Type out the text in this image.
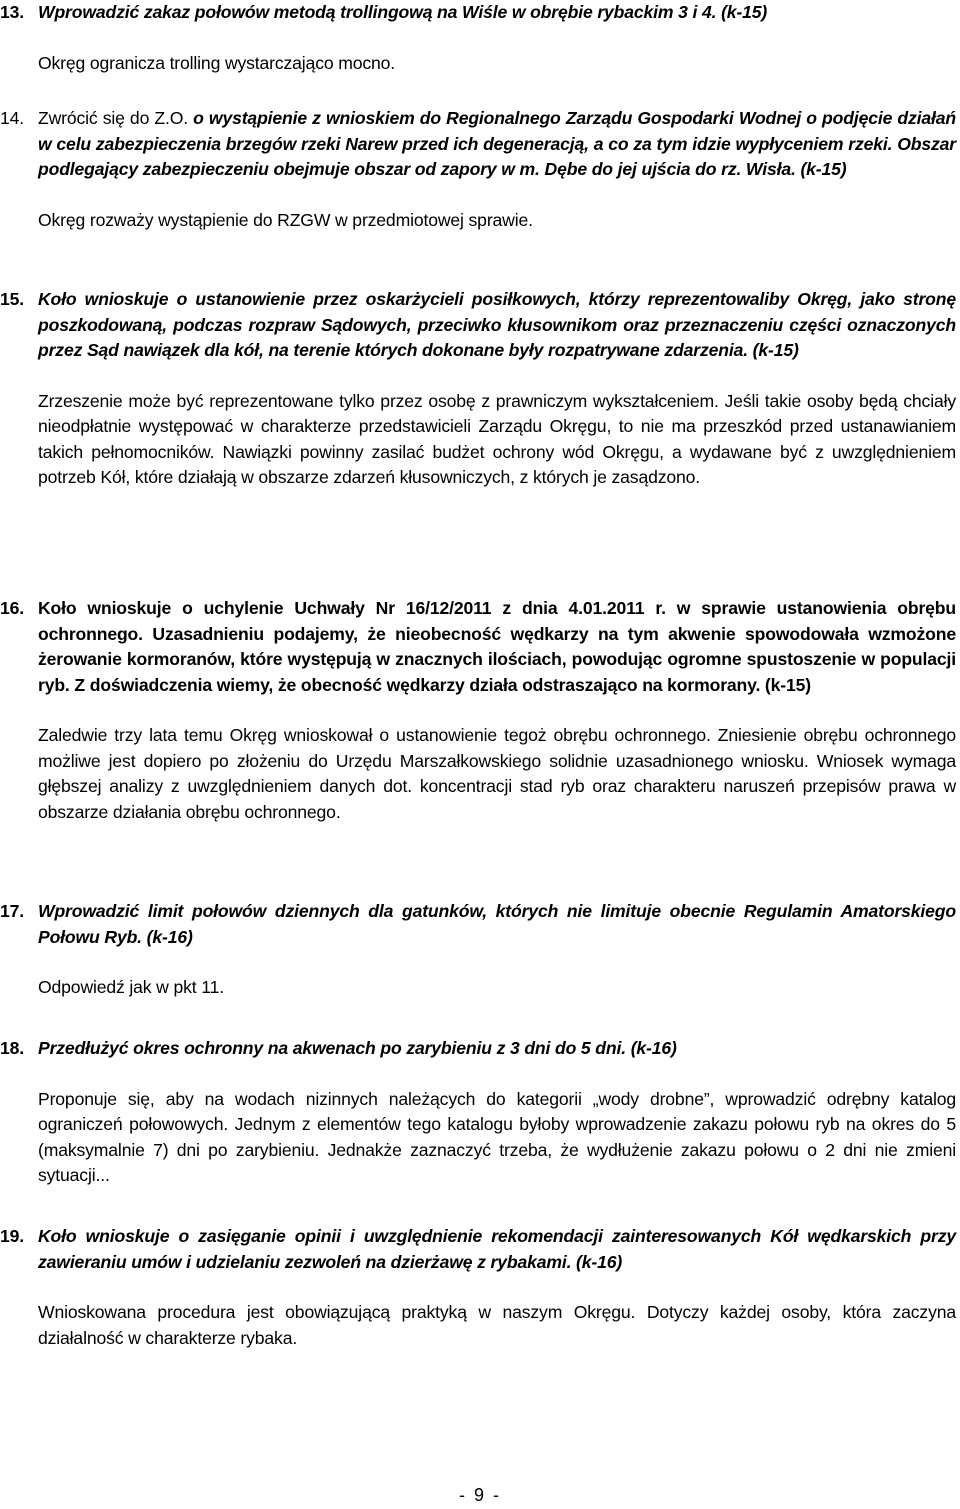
13. Wprowadzić zakaz połowów metodą trollingową na Wiśle w obrębie rybackim 3 i 4. (k-15)
Okręg ogranicza trolling wystarczająco mocno.
14. Zwrócić się do Z.O. o wystąpienie z wnioskiem do Regionalnego Zarządu Gospodarki Wodnej o podjęcie działań w celu zabezpieczenia brzegów rzeki Narew przed ich degeneracją, a co za tym idzie wypłyceniem rzeki. Obszar podlegający zabezpieczeniu obejmuje obszar od zapory w m. Dębe do jej ujścia do rz. Wisła. (k-15)
Okręg rozważy wystąpienie do RZGW w przedmiotowej sprawie.
15. Koło wnioskuje o ustanowienie przez oskarżycieli posiłkowych, którzy reprezentowaliby Okręg, jako stronę poszkodowaną, podczas rozpraw Sądowych, przeciwko kłusownikom oraz przeznaczeniu części oznaczonych przez Sąd nawiązek dla kół, na terenie których dokonane były rozpatrywane zdarzenia. (k-15)
Zrzeszenie może być reprezentowane tylko przez osobę z prawniczym wykształceniem. Jeśli takie osoby będą chciały nieodpłatnie występować w charakterze przedstawicieli Zarządu Okręgu, to nie ma przeszkód przed ustanawianiem takich pełnomocników. Nawiązki powinny zasilać budżet ochrony wód Okręgu, a wydawane być z uwzględnieniem potrzeb Kół, które działają w obszarze zdarzeń kłusowniczych, z których je zasądzono.
16. Koło wnioskuje o uchylenie Uchwały Nr 16/12/2011 z dnia 4.01.2011 r. w sprawie ustanowienia obrębu ochronnego. Uzasadnieniu podajemy, że nieobecność wędkarzy na tym akwenie spowodowała wzmożone żerowanie kormoranów, które występują w znacznych ilościach, powodując ogromne spustoszenie w populacji ryb. Z doświadczenia wiemy, że obecność wędkarzy działa odstraszająco na kormorany. (k-15)
Zaledwie trzy lata temu Okręg wnioskował o ustanowienie tegoż obrębu ochronnego. Zniesienie obrębu ochronnego możliwe jest dopiero po złożeniu do Urzędu Marszałkowskiego solidnie uzasadnionego wniosku. Wniosek wymaga głębszej analizy z uwzględnieniem danych dot. koncentracji stad ryb oraz charakteru naruszeń przepisów prawa w obszarze działania obrębu ochronnego.
17. Wprowadzić limit połowów dziennych dla gatunków, których nie limituje obecnie Regulamin Amatorskiego Połowu Ryb. (k-16)
Odpowiedź jak w pkt 11.
18. Przedłużyć okres ochronny na akwenach po zarybieniu z 3 dni do 5 dni. (k-16)
Proponuje się, aby na wodach nizinnych należących do kategorii „wody drobne”, wprowadzić odrębny katalog ograniczeń połowowych. Jednym z elementów tego katalogu byłoby wprowadzenie zakazu połowu ryb na okres do 5 (maksymalnie 7) dni po zarybieniu. Jednakże zaznaczyć trzeba, że wydłużenie zakazu połowu o 2 dni nie zmieni sytuacji...
19. Koło wnioskuje o zasięganie opinii i uwzględnienie rekomendacji zainteresowanych Kół wędkarskich przy zawieraniu umów i udzielaniu zezwoleń na dzierżawę z rybakami. (k-16)
Wnioskowana procedura jest obowiązującą praktyką w naszym Okręgu. Dotyczy każdej osoby, która zaczyna działalność w charakterze rybaka.
- 9 -
